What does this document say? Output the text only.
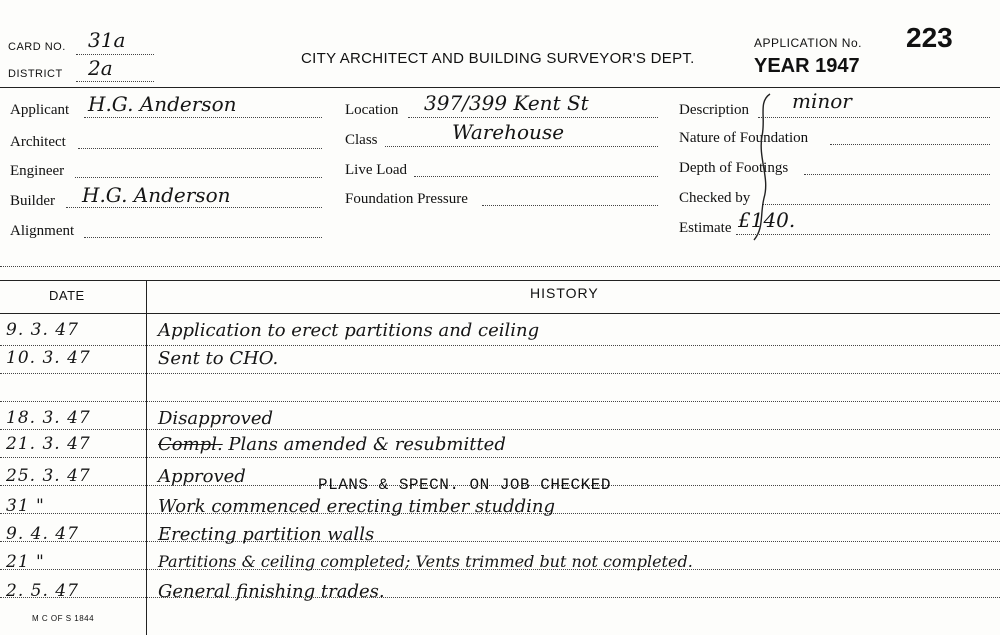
CARD NO. 31a
DISTRICT 2a	CITY ARCHITECT AND BUILDING SURVEYOR'S DEPT.
APPLICATION No. 223
YEAR 1947
Applicant H.G. Anderson
Architect
Engineer
Builder H.G. Anderson
Alignment
Location 397/399 Kent St
Class	Warehouse
Live Load
Foundation Pressure
Description minor
Nature of Foundation
Depth of Footings
Checked by
Estimate £140.
DATE	HISTORY
9. 3. 47	Application to erect partitions and ceiling
10. 3. 47	Sent to CHO.
18. 3. 47	Disapproved
21. 3. 47	Compl. Plans amended & resubmitted
25. 3. 47	Approved	PLANS & SPECN. ON JOB CHECKED
31 "	Work commenced erecting timber studding
9. 4. 47	Erecting partition walls
21 "	Partitions & ceiling completed; Vents trimmed but not completed.
2. 5. 47	General finishing trades.
M C OF S 1844
